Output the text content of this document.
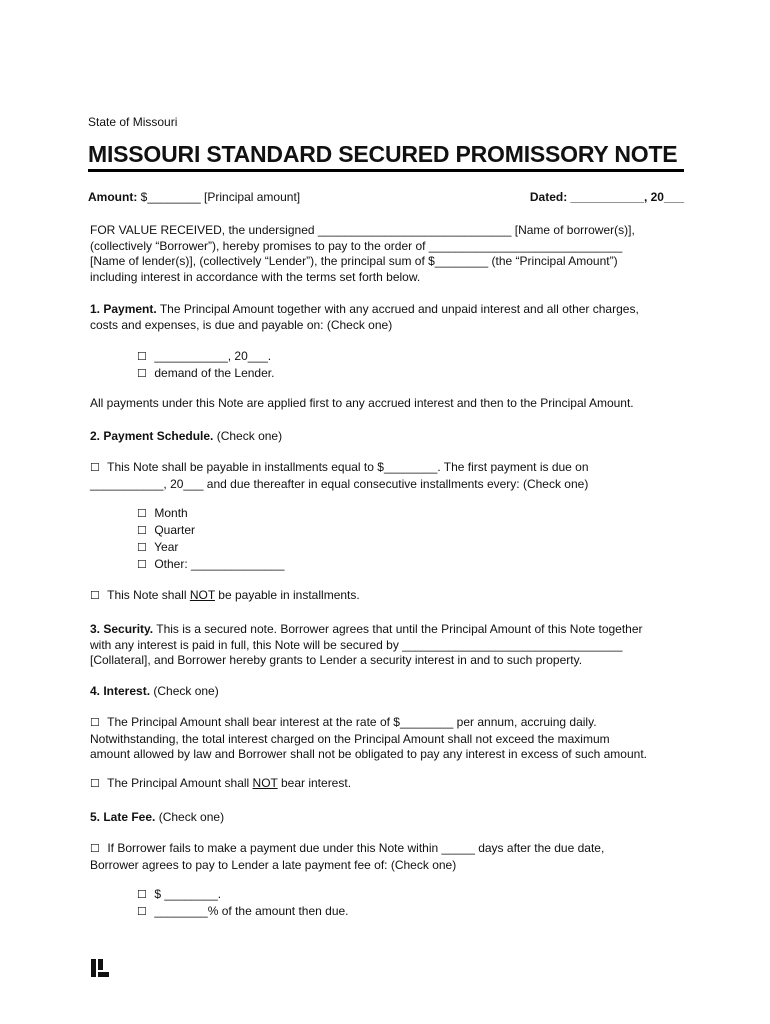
State of Missouri
MISSOURI STANDARD SECURED PROMISSORY NOTE
Amount: $________ [Principal amount]	Dated: ___________, 20___
FOR VALUE RECEIVED, the undersigned _____________________________ [Name of borrower(s)],
(collectively “Borrower”), hereby promises to pay to the order of _____________________________
[Name of lender(s)], (collectively “Lender”), the principal sum of $________ (the “Principal Amount”)
including interest in accordance with the terms set forth below.
1. Payment. The Principal Amount together with any accrued and unpaid interest and all other charges,
costs and expenses, is due and payable on: (Check one)
☐ ___________, 20___.
☐ demand of the Lender.
All payments under this Note are applied first to any accrued interest and then to the Principal Amount.
2. Payment Schedule. (Check one)
☐ This Note shall be payable in installments equal to $________. The first payment is due on
___________, 20___ and due thereafter in equal consecutive installments every: (Check one)
☐ Month
☐ Quarter
☐ Year
☐ Other: ______________
☐ This Note shall NOT be payable in installments.
3. Security. This is a secured note. Borrower agrees that until the Principal Amount of this Note together
with any interest is paid in full, this Note will be secured by _________________________________
[Collateral], and Borrower hereby grants to Lender a security interest in and to such property.
4. Interest. (Check one)
☐ The Principal Amount shall bear interest at the rate of $________ per annum, accruing daily.
Notwithstanding, the total interest charged on the Principal Amount shall not exceed the maximum
amount allowed by law and Borrower shall not be obligated to pay any interest in excess of such amount.
☐ The Principal Amount shall NOT bear interest.
5. Late Fee. (Check one)
☐ If Borrower fails to make a payment due under this Note within _____ days after the due date,
Borrower agrees to pay to Lender a late payment fee of: (Check one)
☐ $ ________.
☐ ________% of the amount then due.
